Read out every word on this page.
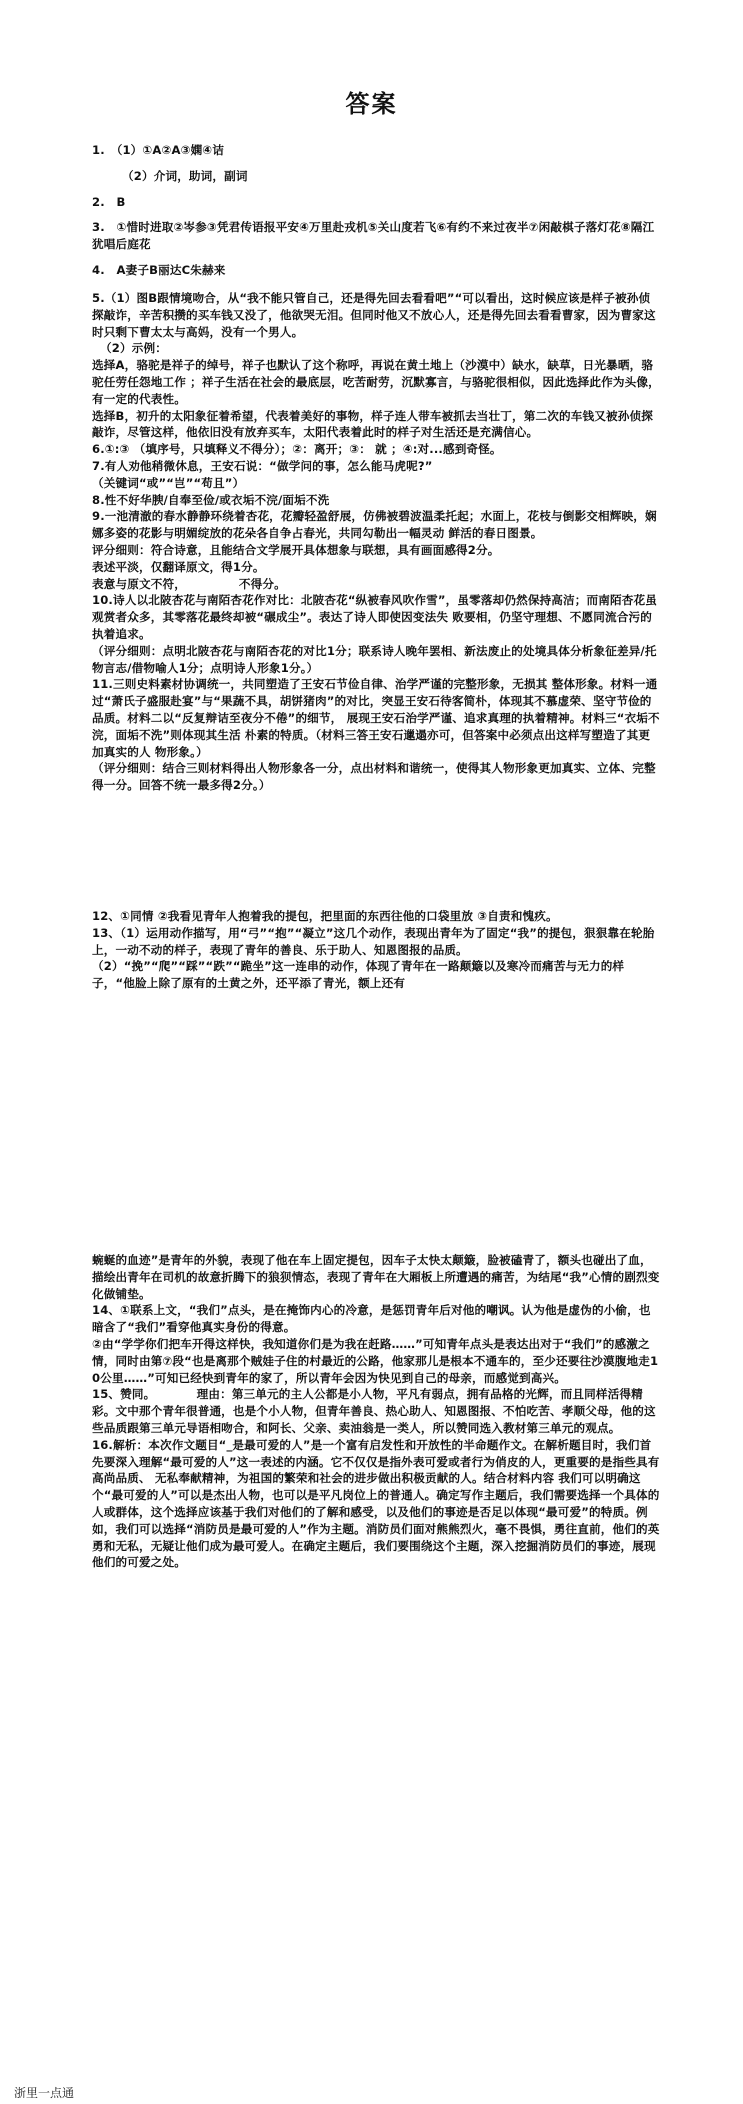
答案

1.　（1）①A②A③嫻④诘

（2）介词，助词，副词

2.　B

3.　①惜时进取②岑参③凭君传语报平安④万里赴戎机⑤关山度若飞⑥有约不来过夜半⑦闲敲棋子落灯花⑧隔江犹唱后庭花

4.　A妻子B丽达C朱赫来

5.（1）图B跟情境吻合，从“我不能只管自己，还是得先回去看看吧”“可以看出，这时候应该是样子被孙侦探敲诈，辛苦积攒的买车钱又没了，他欲哭无泪。但同时他又不放心人，还是得先回去看看曹家，因为曹家这时只剩下曹太太与高妈，没有一个男人。

（2）示例：

选择A，骆驼是祥子的绰号，祥子也默认了这个称呼，再说在黄土地上（沙漠中）缺水，缺草，日光暴晒，骆驼任劳任怨地工作 ；祥子生活在社会的最底层，吃苦耐劳，沉默寡言，与骆驼很相似，因此选择此作为头像，有一定的代表性。

选择B，初升的太阳象征着希望，代表着美好的事物，样子连人带车被抓去当壮丁，第二次的车钱又被孙侦探敲诈，尽管这样，他依旧没有放弃买车，太阳代表着此时的样子对生活还是充满信心。

6.①:③ （填序号，只填释义不得分）；②：离开；③： 就 ；④:对...感到奇怪。

7.有人劝他稍微休息，王安石说：“做学问的事，怎么能马虎呢?”

（关键词“或”“岂”“苟且”）

8.性不好华腴/自奉至俭/或衣垢不浣/面垢不洗

9.一池清澈的春水静静环绕着杏花，花瓣轻盈舒展，仿佛被碧波温柔托起；水面上，花枝与倒影交相辉映，娴娜多姿的花影与明媚绽放的花朵各自争占春光，共同勾勒出一幅灵动 鲜活的春日图景。

评分细则：符合诗意，且能结合文学展开具体想象与联想，具有画面感得2分。

表述平淡，仅翻译原文，得1分。

表意与原文不符，　　　　　不得分。

10.诗人以北陂杏花与南陌杏花作对比：北陂杏花“纵被春风吹作雪”，虽零落却仍然保持高洁；而南陌杏花虽观赏者众多，其零落花最终却被“碾成尘”。表达了诗人即使因变法失 败要相，仍坚守理想、不愿同流合污的执着追求。

（评分细则：点明北陂杏花与南陌杏花的对比1分；联系诗人晚年罢相、新法废止的处境具体分析象征差异/托物言志/借物喻人1分；点明诗人形象1分。）

11.三则史料素材协调统一，共同塑造了王安石节俭自律、治学严谨的完整形象，无损其 整体形象。材料一通过“萧氏子盛服赴宴”与“果蔬不具，胡饼猪肉”的对比，突显王安石待客简朴，体现其不慕虚荣、坚守节俭的品质。材料二以“反复辩诘至夜分不倦”的细节， 展现王安石治学严谨、追求真理的执着精神。材料三“衣垢不浣，面垢不洗”则体现其生活 朴素的特质。（材料三答王安石邋遢亦可，但答案中必须点出这样写塑造了其更加真实的人 物形象。）

（评分细则：结合三则材料得出人物形象各一分，点出材料和谐统一，使得其人物形象更加真实、立体、完整得一分。回答不统一最多得2分。）

12、①同情 ②我看见青年人抱着我的提包，把里面的东西往他的口袋里放 ③自责和愧疚。

13、（1）运用动作描写，用“弓”“抱”“凝立”这几个动作，表现出青年为了固定“我”的提包，狠狠靠在轮胎上，一动不动的样子，表现了青年的善良、乐于助人、知恩图报的品质。

（2）“挽”“爬”“踩”“跌”“跪坐”这一连串的动作，体现了青年在一路颠簸以及寒冷而痛苦与无力的样子，“他脸上除了原有的土黄之外，还平添了青光，额上还有

蜿蜒的血迹”是青年的外貌，表现了他在车上固定提包，因车子太快太颠簸，脸被磕青了，额头也碰出了血，描绘出青年在司机的故意折腾下的狼狈情态，表现了青年在大厢板上所遭遇的痛苦，为结尾“我”心情的剧烈变化做铺垫。

14、①联系上文，“我们”点头，是在掩饰内心的冷意，是惩罚青年后对他的嘲讽。认为他是虚伪的小偷，也暗含了“我们”看穿他真实身份的得意。

②由“学学你们把车开得这样快，我知道你们是为我在赶路……”可知青年点头是表达出对于“我们”的感激之情，同时由第⑦段“也是离那个贼娃子住的村最近的公路，他家那儿是根本不通车的，至少还要往沙漠腹地走10公里……”可知已经快到青年的家了，所以青年会因为快见到自己的母亲，而感觉到高兴。

15、赞同。　　　　理由：第三单元的主人公都是小人物，平凡有弱点，拥有品格的光辉，而且同样活得精彩。文中那个青年很普通，也是个小人物，但青年善良、热心助人、知恩图报、不怕吃苦、孝顺父母，他的这些品质跟第三单元导语相吻合，和阿长、父亲、卖油翁是一类人，所以赞同选入教材第三单元的观点。

16.解析：本次作文题目“_是最可爱的人”是一个富有启发性和开放性的半命题作文。在解析题目时，我们首先要深入理解“最可爱的人”这一表述的内涵。它不仅仅是指外表可爱或者行为俏皮的人，更重要的是指些具有高尚品质、 无私奉献精神，为祖国的繁荣和社会的进步做出积极贡献的人。结合材料内容 我们可以明确这个“最可爱的人”可以是杰出人物，也可以是平凡岗位上的普通人。确定写作主题后，我们需要选择一个具体的人或群体，这个选择应该基于我们对他们的了解和感受，以及他们的事迹是否足以体现“最可爱”的特质。例如，我们可以选择“消防员是最可爱的人”作为主题。消防员们面对熊熊烈火，毫不畏惧，勇往直前，他们的英勇和无私，无疑让他们成为最可爱人。在确定主题后，我们要围绕这个主题，深入挖掘消防员们的事迹，展现他们的可爱之处。

浙里一点通
